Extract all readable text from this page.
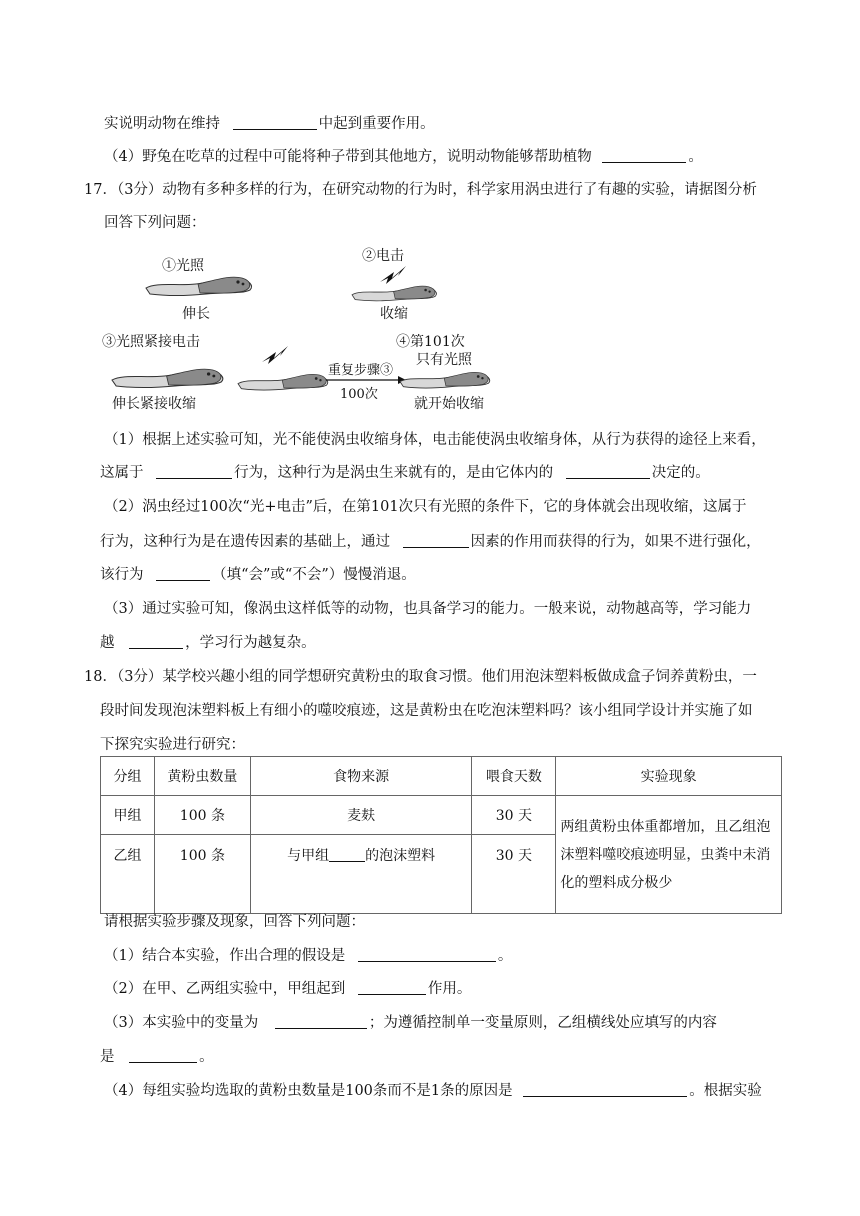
实说明动物在维持	中起到重要作用。
（4）野兔在吃草的过程中可能将种子带到其他地方，说明动物能够帮助植物	。
17．（3分）动物有多种多样的行为，在研究动物的行为时，科学家用涡虫进行了有趣的实验，请据图分析
回答下列问题：
①光照
伸长
②电击
收缩
③光照紧接电击
伸长紧接收缩
重复步骤③
100次
④第101次
只有光照
就开始收缩
（1）根据上述实验可知，光不能使涡虫收缩身体，电击能使涡虫收缩身体，从行为获得的途径上来看，
这属于	行为，这种行为是涡虫生来就有的，是由它体内的	决定的。
（2）涡虫经过100次“光+电击”后，在第101次只有光照的条件下，它的身体就会出现收缩，这属于
行为，这种行为是在遗传因素的基础上，通过	因素的作用而获得的行为，如果不进行强化，
该行为	（填“会”或“不会”）慢慢消退。
（3）通过实验可知，像涡虫这样低等的动物，也具备学习的能力。一般来说，动物越高等，学习能力
越	，学习行为越复杂。
18．（3分）某学校兴趣小组的同学想研究黄粉虫的取食习惯。他们用泡沫塑料板做成盒子饲养黄粉虫，一
段时间发现泡沫塑料板上有细小的噬咬痕迹，这是黄粉虫在吃泡沫塑料吗？该小组同学设计并实施了如
下探究实验进行研究：
分组	黄粉虫数量	食物来源	喂食天数	实验现象
甲组	100 条	麦麸	30 天	两组黄粉虫体重都增加，且乙组泡沫塑料噬咬痕迹明显，虫粪中未消化的塑料成分极少
乙组	100 条	与甲组 的泡沫塑料	30 天	
请根据实验步骤及现象，回答下列问题：
（1）结合本实验，作出合理的假设是	。
（2）在甲、乙两组实验中，甲组起到	作用。
（3）本实验中的变量为	；为遵循控制单一变量原则，乙组横线处应填写的内容
是	。
（4）每组实验均选取的黄粉虫数量是100条而不是1条的原因是	。根据实验
